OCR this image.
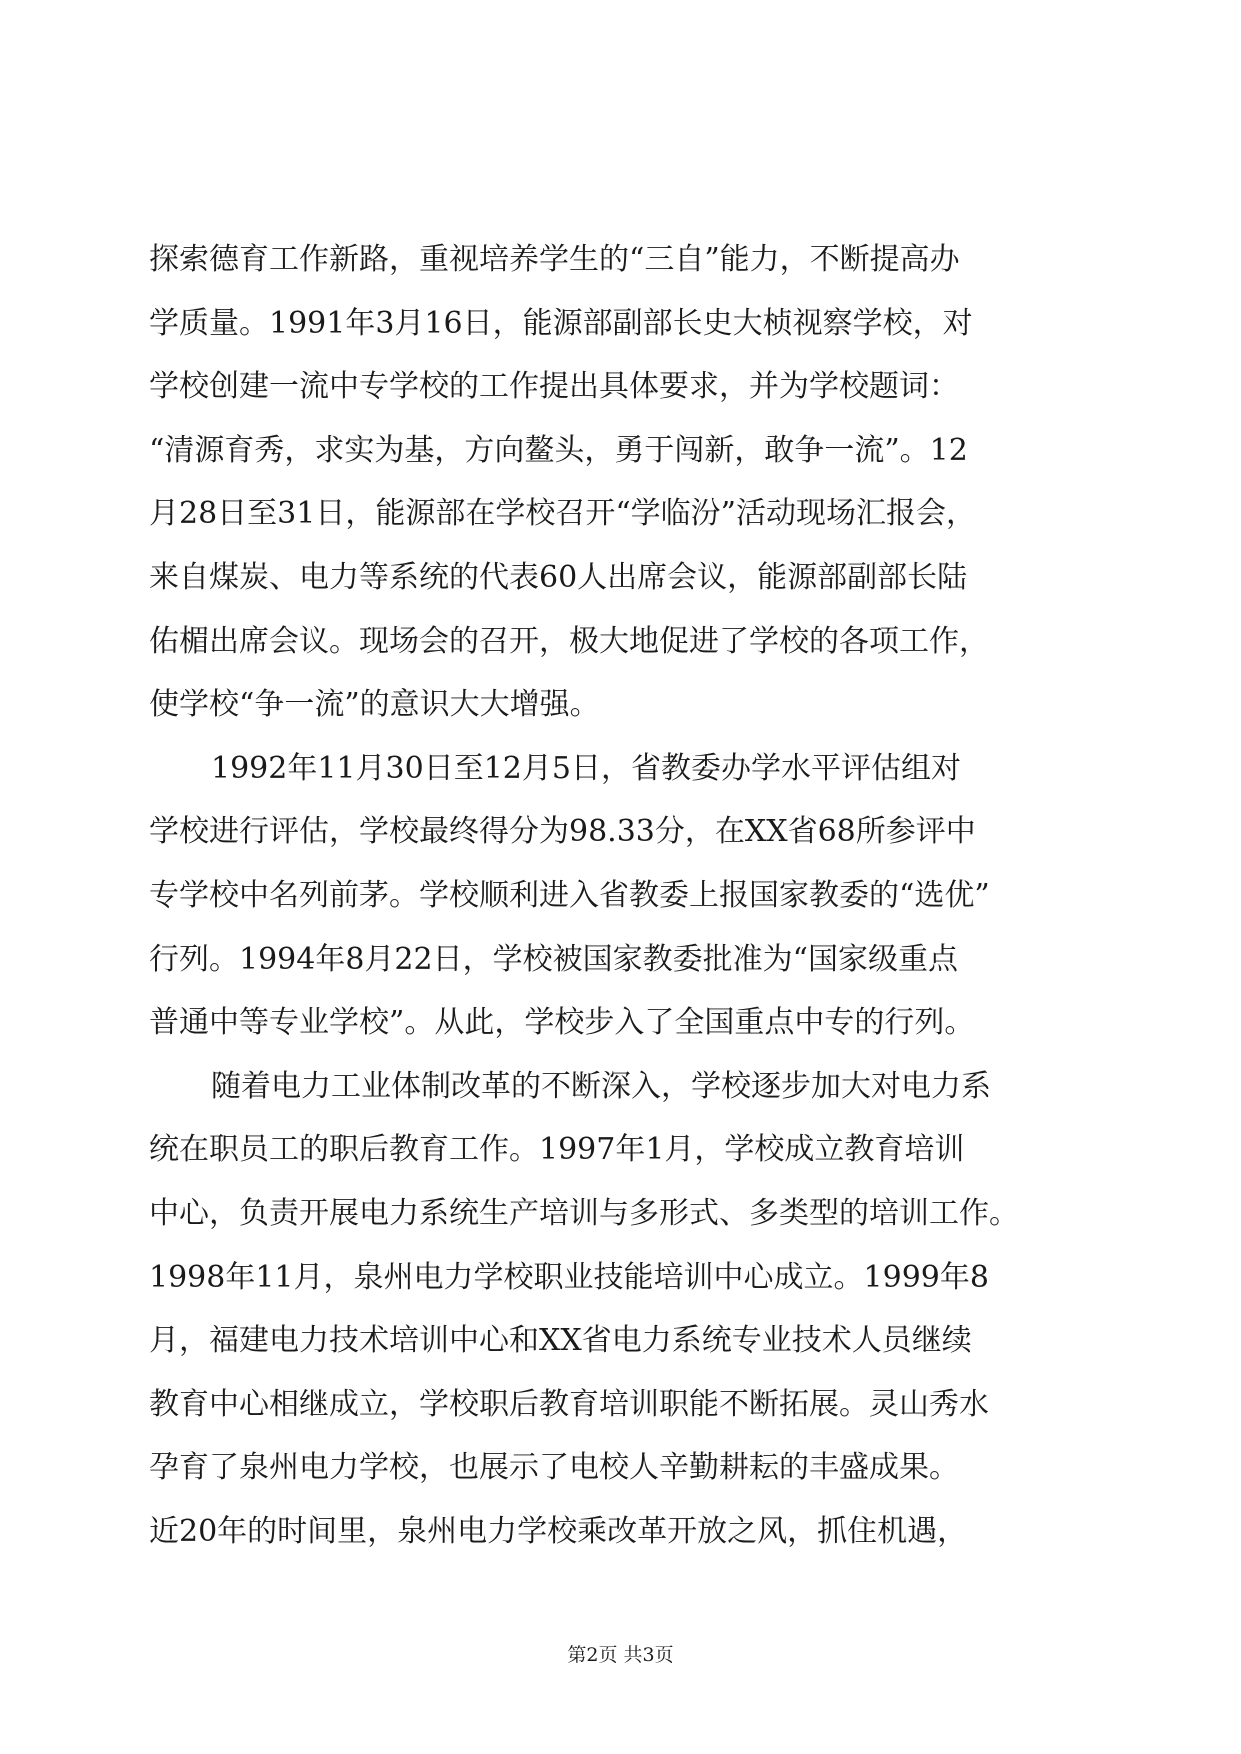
探索德育工作新路，重视培养学生的“三自”能力，不断提高办
学质量。1991年3月16日，能源部副部长史大桢视察学校，对
学校创建一流中专学校的工作提出具体要求，并为学校题词：
“清源育秀，求实为基，方向鳌头，勇于闯新，敢争一流”。12
月28日至31日，能源部在学校召开“学临汾”活动现场汇报会，
来自煤炭、电力等系统的代表60人出席会议，能源部副部长陆
佑楣出席会议。现场会的召开，极大地促进了学校的各项工作，
使学校“争一流”的意识大大增强。
1992年11月30日至12月5日，省教委办学水平评估组对
学校进行评估，学校最终得分为98.33分，在XX省68所参评中
专学校中名列前茅。学校顺利进入省教委上报国家教委的“选优”
行列。1994年8月22日，学校被国家教委批准为“国家级重点
普通中等专业学校”。从此，学校步入了全国重点中专的行列。
随着电力工业体制改革的不断深入，学校逐步加大对电力系
统在职员工的职后教育工作。1997年1月，学校成立教育培训
中心，负责开展电力系统生产培训与多形式、多类型的培训工作。
1998年11月，泉州电力学校职业技能培训中心成立。1999年8
月，福建电力技术培训中心和XX省电力系统专业技术人员继续
教育中心相继成立，学校职后教育培训职能不断拓展。灵山秀水
孕育了泉州电力学校，也展示了电校人辛勤耕耘的丰盛成果。
近20年的时间里，泉州电力学校乘改革开放之风，抓住机遇，
第2页 共3页
